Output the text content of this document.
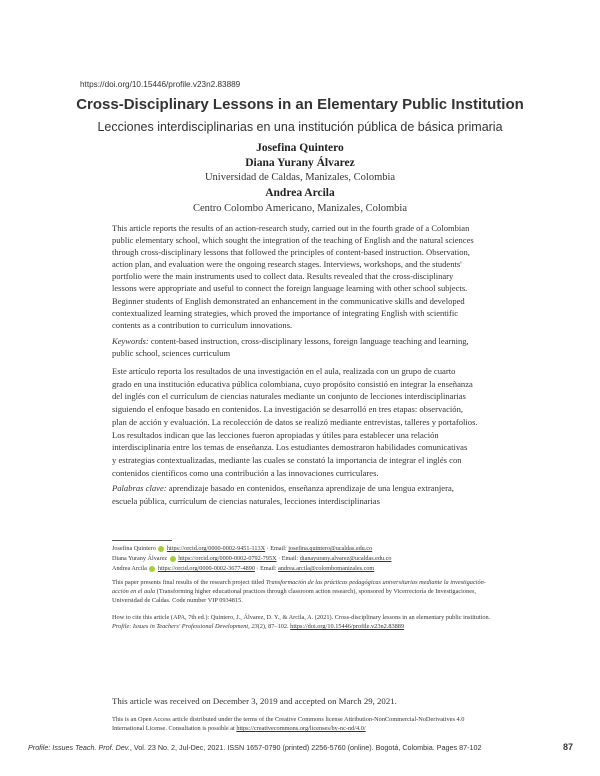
https://doi.org/10.15446/profile.v23n2.83889
Cross-Disciplinary Lessons in an Elementary Public Institution
Lecciones interdisciplinarias en una institución pública de básica primaria
Josefina Quintero
Diana Yurany Álvarez
Universidad de Caldas, Manizales, Colombia
Andrea Arcila
Centro Colombo Americano, Manizales, Colombia
This article reports the results of an action-research study, carried out in the fourth grade of a Colombian
public elementary school, which sought the integration of the teaching of English and the natural sciences
through cross-disciplinary lessons that followed the principles of content-based instruction. Observation,
action plan, and evaluation were the ongoing research stages. Interviews, workshops, and the students'
portfolio were the main instruments used to collect data. Results revealed that the cross-disciplinary
lessons were appropriate and useful to connect the foreign language learning with other school subjects.
Beginner students of English demonstrated an enhancement in the communicative skills and developed
contextualized learning strategies, which proved the importance of integrating English with scientific
contents as a contribution to curriculum innovations.
Keywords: content-based instruction, cross-disciplinary lessons, foreign language teaching and learning,
public school, sciences curriculum
Este artículo reporta los resultados de una investigación en el aula, realizada con un grupo de cuarto
grado en una institución educativa pública colombiana, cuyo propósito consistió en integrar la enseñanza
del inglés con el currículum de ciencias naturales mediante un conjunto de lecciones interdisciplinarias
siguiendo el enfoque basado en contenidos. La investigación se desarrolló en tres etapas: observación,
plan de acción y evaluación. La recolección de datos se realizó mediante entrevistas, talleres y portafolios.
Los resultados indican que las lecciones fueron apropiadas y útiles para establecer una relación
interdisciplinaria entre los temas de enseñanza. Los estudiantes demostraron habilidades comunicativas
y estrategias contextualizadas, mediante las cuales se constató la importancia de integrar el inglés con
contenidos científicos como una contribución a las innovaciones curriculares.
Palabras clave: aprendizaje basado en contenidos, enseñanza aprendizaje de una lengua extranjera,
escuela pública, currículum de ciencias naturales, lecciones interdisciplinarias
Josefina Quintero https://orcid.org/0000-0002-9451-113X · Email: josefina.quintero@ucaldas.edu.co
Diana Yurany Álvarez https://orcid.org/0000-0002-0792-795X · Email: dianayurany.alvarez@ucaldas.edu.co
Andrea Arcila https://orcid.org/0000-0002-3677-4890 · Email: andrea.arcila@colombomanizales.com
This paper presents final results of the research project titled Transformación de las prácticas pedagógicas universitarias mediante la investigación-acción en el aula (Transforming higher educational practices through classroom action research), sponsored by Vicerrectoría de Investigaciones, Universidad de Caldas. Code number VIP 0934815.
How to cite this article (APA, 7th ed.): Quintero, J., Álvarez, D. Y., & Arcila, A. (2021). Cross-disciplinary lessons in an elementary public institution. Profile: Issues in Teachers' Professional Development, 23(2), 87–102. https://doi.org/10.15446/profile.v23n2.83889
This article was received on December 3, 2019 and accepted on March 29, 2021.
This is an Open Access article distributed under the terms of the Creative Commons license Attribution-NonCommercial-NoDerivatives 4.0 International License. Consultation is possible at https://creativecommons.org/licenses/by-nc-nd/4.0/
Profile: Issues Teach. Prof. Dev., Vol. 23 No. 2, Jul-Dec, 2021. ISSN 1657-0790 (printed) 2256-5760 (online). Bogotá, Colombia. Pages 87-102	87
